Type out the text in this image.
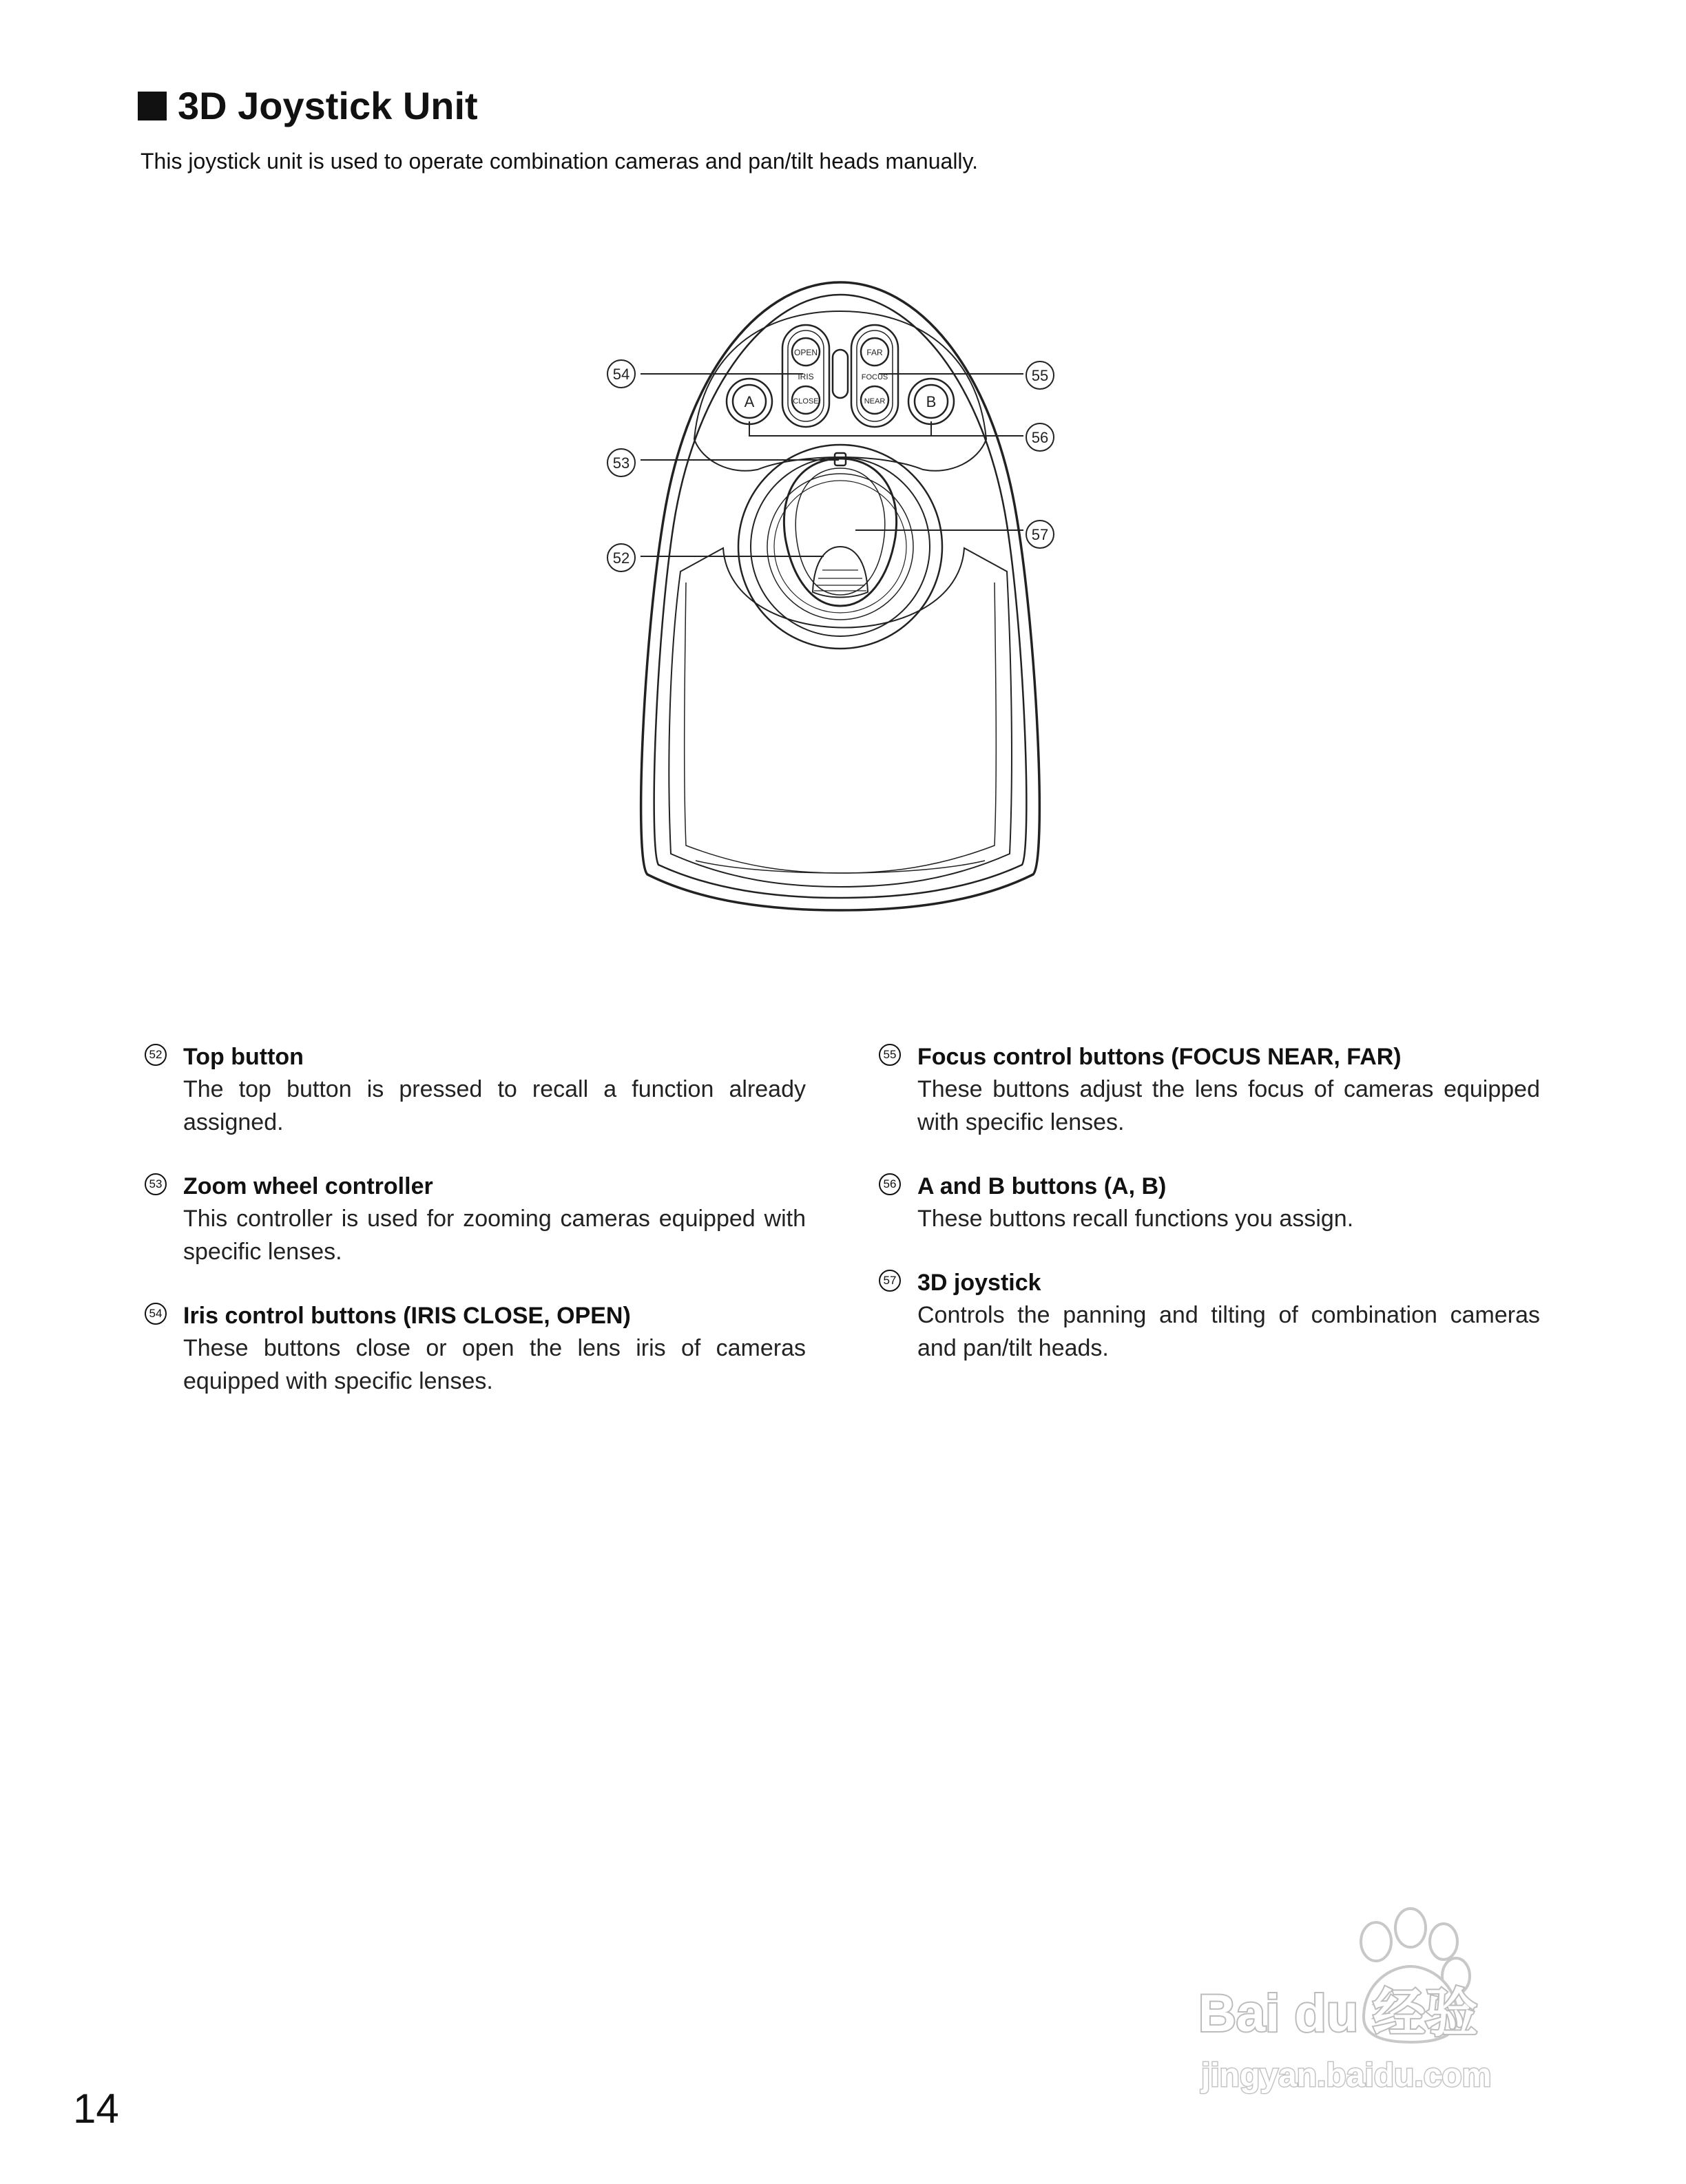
3D Joystick Unit

This joystick unit is used to operate combination cameras and pan/tilt heads manually.

OPEN
IRIS
CLOSE
FAR
FOCUS
NEAR
A	B
54
53
52
55
56
57
52 Top button
The top button is pressed to recall a function already assigned.
53 Zoom wheel controller
This controller is used for zooming cameras equipped with specific lenses.
54 Iris control buttons (IRIS CLOSE, OPEN)
These buttons close or open the lens iris of cameras equipped with specific lenses.
55 Focus control buttons (FOCUS NEAR, FAR)
These buttons adjust the lens focus of cameras equipped with specific lenses.
56 A and B buttons (A, B)
These buttons recall functions you assign.
57 3D joystick
Controls the panning and tilting of combination cameras and pan/tilt heads.
Bai du 经验
jingyan.baidu.com
14
